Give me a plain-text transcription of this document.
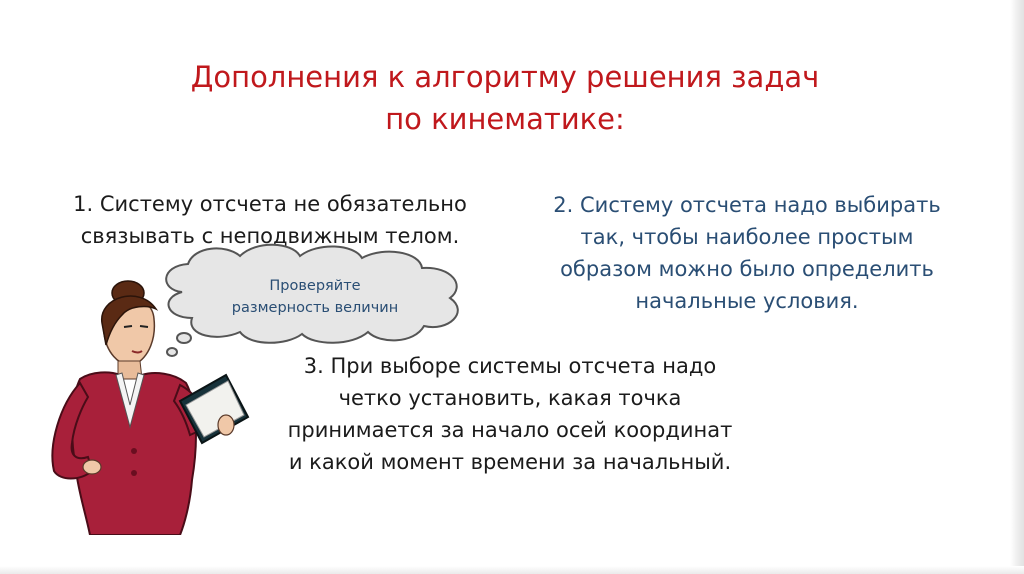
Дополнения к алгоритму решения задач
по кинематике:
1. Систему отсчета не обязательно
связывать с неподвижным телом.
2. Систему отсчета надо выбирать
так, чтобы наиболее простым
образом можно было определить
начальные условия.
Проверяйте
размерность величин
3. При выборе системы отсчета надо
четко установить, какая точка
принимается за начало осей координат
и какой момент времени за начальный.
